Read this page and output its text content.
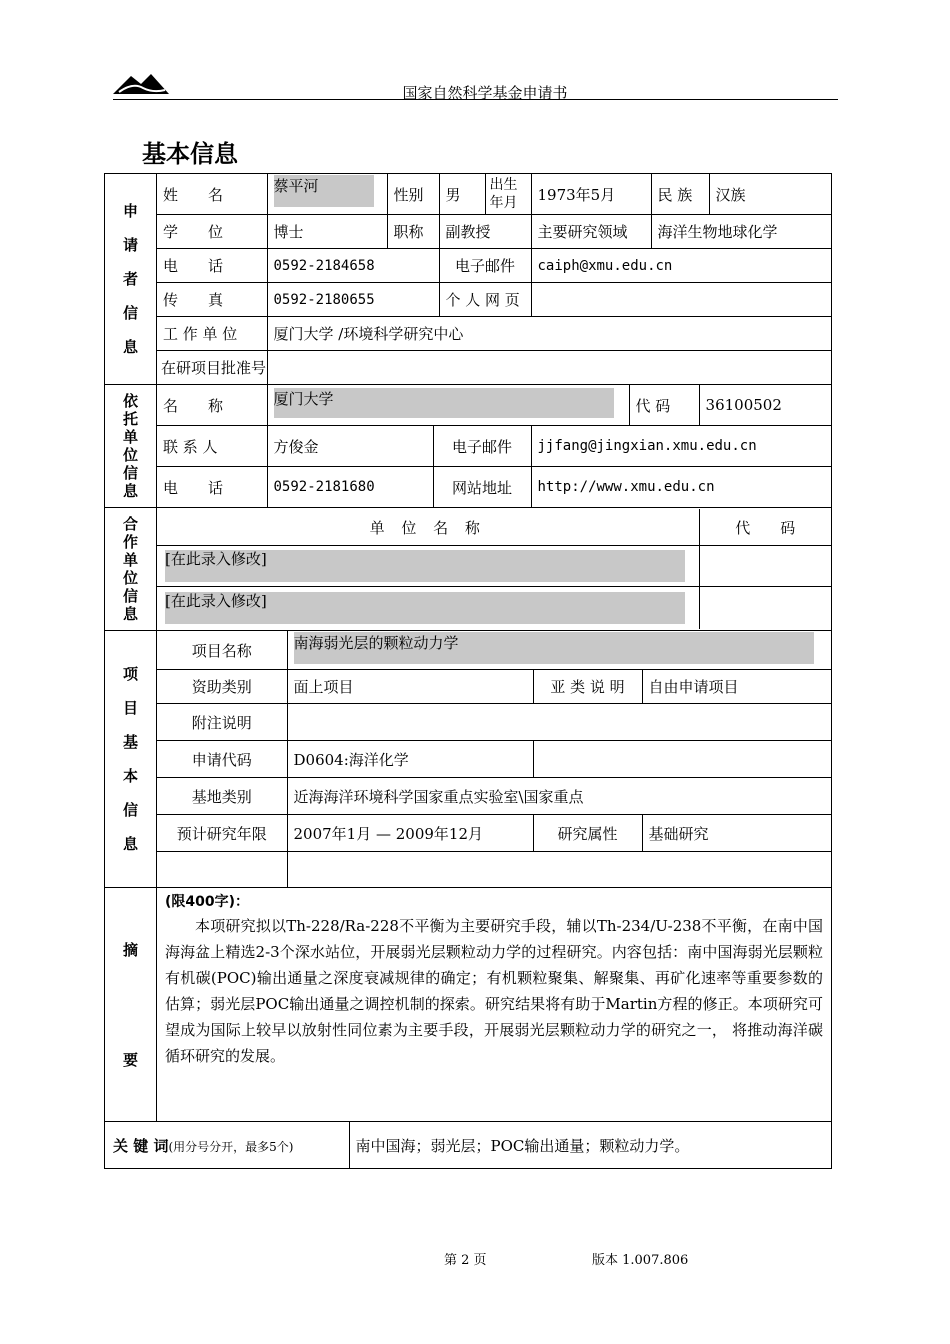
国家自然科学基金申请书
基本信息
申请者信息

姓　　名	蔡平河	性别	男	出生年月	1973年5月	民 族	汉族
学　　位	博士	职称	副教授	主要研究领域	海洋生物地球化学
电　　话	0592-2184658	电子邮件	caiph@xmu.edu.cn
传　　真	0592-2180655	个 人 网 页	
工 作 单 位	厦门大学 /环境科学研究中心
在研项目批准号	

依托单位信息

名　　称	厦门大学	代 码	36100502
联 系 人	方俊金	电子邮件	jjfang@jingxian.xmu.edu.cn
电　　话	0592-2181680	网站地址	http://www.xmu.edu.cn

合作单位信息

单 位 名 称	代　　码
[在此录入修改]	
[在此录入修改]	

项目基本信息

项目名称	南海弱光层的颗粒动力学
资助类别	面上项目	亚 类 说 明	自由申请项目
附注说明	
申请代码	D0604:海洋化学	
基地类别	近海海洋环境科学国家重点实验室\国家重点
预计研究年限	2007年1月 — 2009年12月	研究属性	基础研究

摘要

(限400字)：
本项研究拟以Th-228/Ra-228不平衡为主要研究手段，辅以Th-234/U-238不平衡，在南中国海海盆上精选2-3个深水站位，开展弱光层颗粒动力学的过程研究。内容包括：南中国海弱光层颗粒有机碳(POC)输出通量之深度衰减规律的确定；有机颗粒聚集、解聚集、再矿化速率等重要参数的估算；弱光层POC输出通量之调控机制的探索。研究结果将有助于Martin方程的修正。本项研究可望成为国际上较早以放射性同位素为主要手段，开展弱光层颗粒动力学的研究之一， 将推动海洋碳循环研究的发展。

关 键 词(用分号分开，最多5个)	南中国海；弱光层；POC输出通量；颗粒动力学。
第 2 页	版本 1.007.806
